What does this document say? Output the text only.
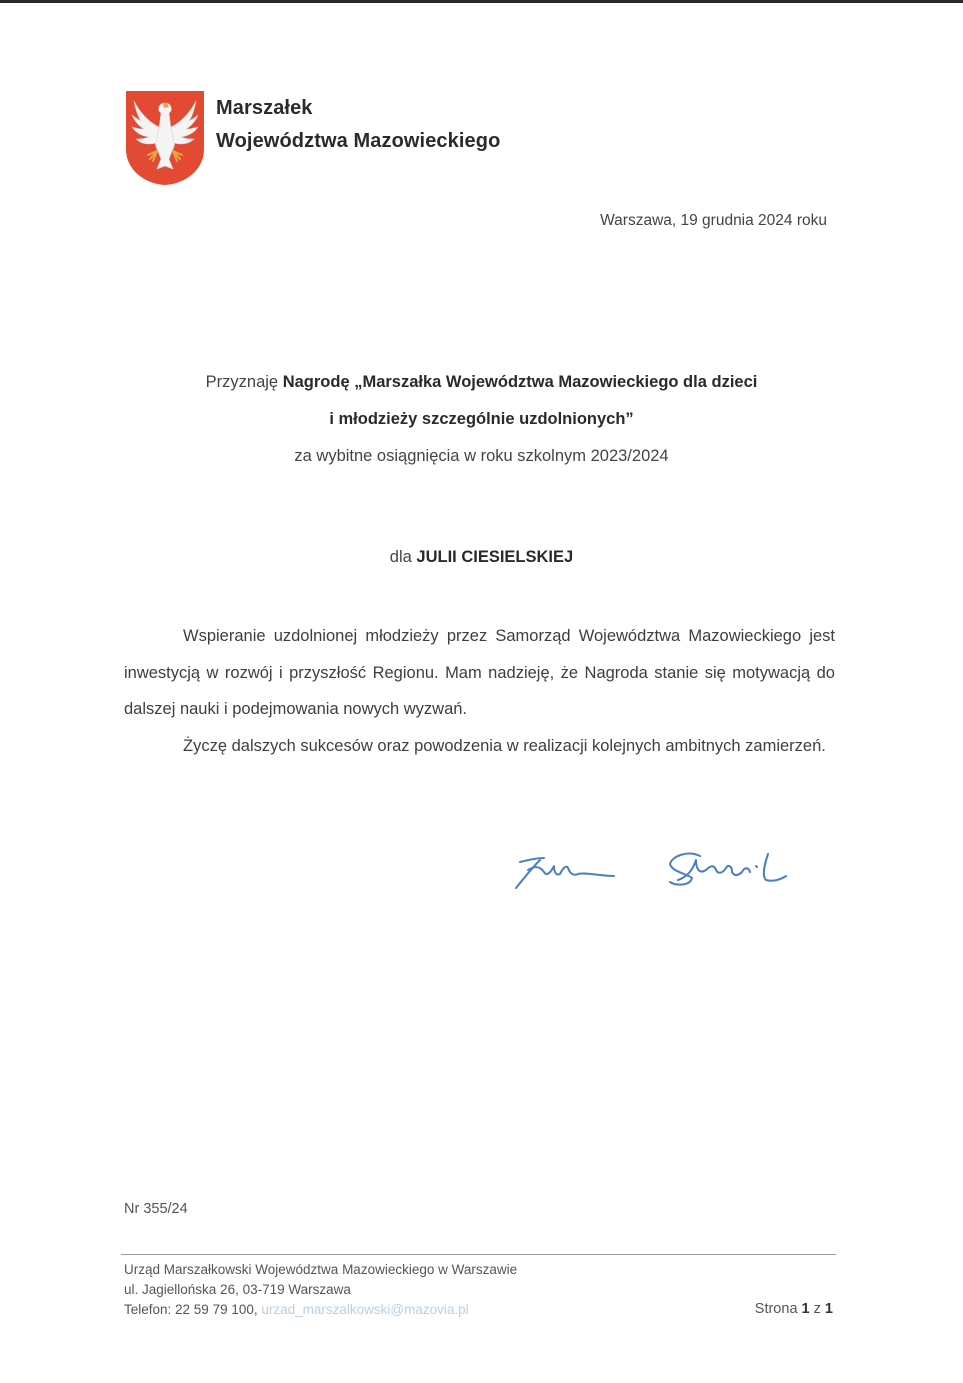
Marszałek
Województwa Mazowieckiego
Warszawa, 19 grudnia 2024 roku
Przyznaję Nagrodę „Marszałka Województwa Mazowieckiego dla dzieci
i młodzieży szczególnie uzdolnionych”
za wybitne osiągnięcia w roku szkolnym 2023/2024
dla JULII CIESIELSKIEJ

Wspieranie uzdolnionej młodzieży przez Samorząd Województwa Mazowieckiego jest inwestycją w rozwój i przyszłość Regionu. Mam nadzieję, że Nagroda stanie się motywacją do dalszej nauki i podejmowania nowych wyzwań.

Życzę dalszych sukcesów oraz powodzenia w realizacji kolejnych ambitnych zamierzeń.

Nr 355/24
Urząd Marszałkowski Województwa Mazowieckiego w Warszawie
ul. Jagiellońska 26, 03-719 Warszawa
Telefon: 22 59 79 100, urzad_marszalkowski@mazovia.pl	Strona 1 z 1
